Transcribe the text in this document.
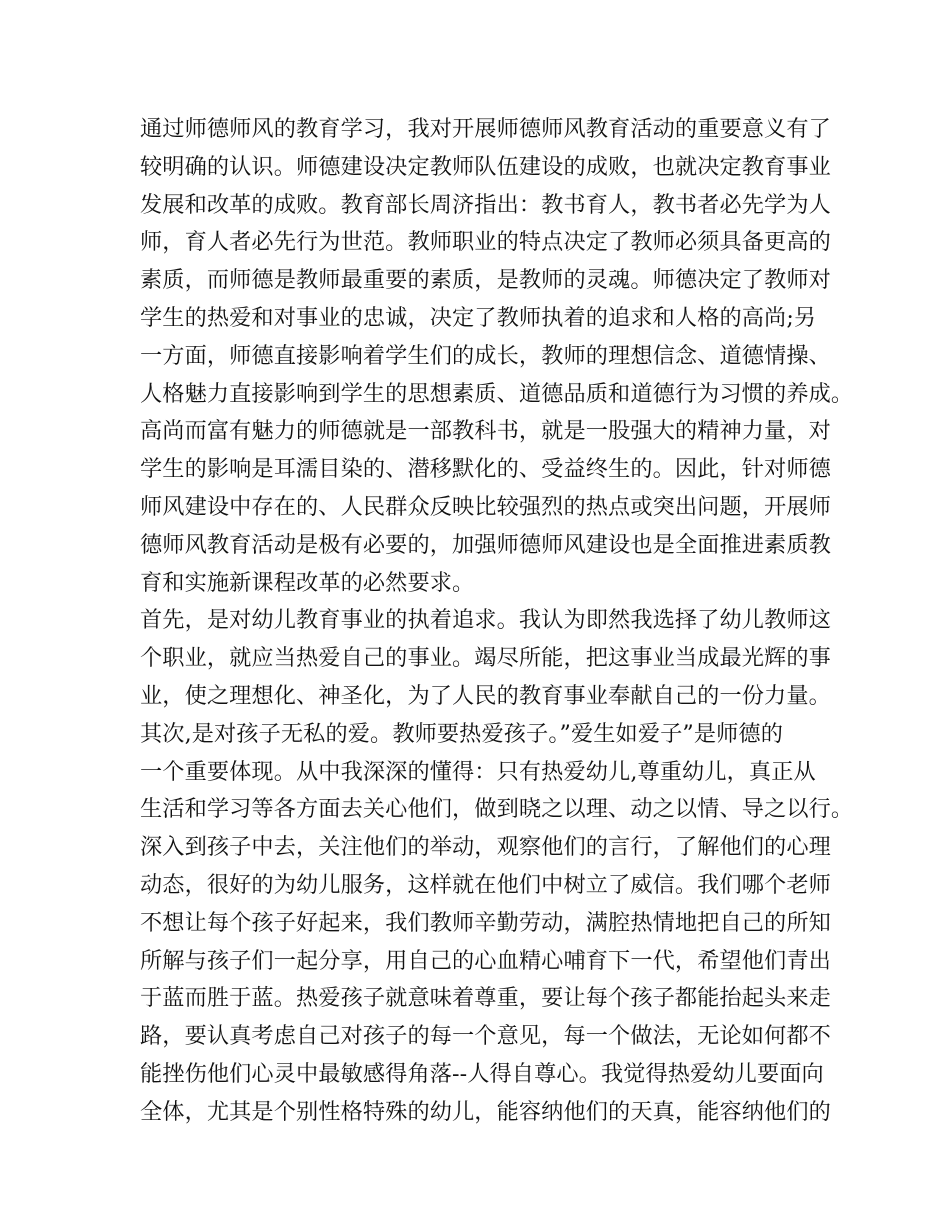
通过师德师风的教育学习，我对开展师德师风教育活动的重要意义有了
较明确的认识。师德建设决定教师队伍建设的成败，也就决定教育事业
发展和改革的成败。教育部长周济指出：教书育人，教书者必先学为人
师，育人者必先行为世范。教师职业的特点决定了教师必须具备更高的
素质，而师德是教师最重要的素质，是教师的灵魂。师德决定了教师对
学生的热爱和对事业的忠诚，决定了教师执着的追求和人格的高尚;另
一方面，师德直接影响着学生们的成长，教师的理想信念、道德情操、
人格魅力直接影响到学生的思想素质、道德品质和道德行为习惯的养成。
高尚而富有魅力的师德就是一部教科书，就是一股强大的精神力量，对
学生的影响是耳濡目染的、潜移默化的、受益终生的。因此，针对师德
师风建设中存在的、人民群众反映比较强烈的热点或突出问题，开展师
德师风教育活动是极有必要的，加强师德师风建设也是全面推进素质教
育和实施新课程改革的必然要求。
首先，是对幼儿教育事业的执着追求。我认为即然我选择了幼儿教师这
个职业，就应当热爱自己的事业。竭尽所能，把这事业当成最光辉的事
业，使之理想化、神圣化，为了人民的教育事业奉献自己的一份力量。
其次,是对孩子无私的爱。教师要热爱孩子。”爱生如爱子”是师德的
一个重要体现。从中我深深的懂得：只有热爱幼儿,尊重幼儿，真正从
生活和学习等各方面去关心他们，做到晓之以理、动之以情、导之以行。
深入到孩子中去，关注他们的举动，观察他们的言行，了解他们的心理
动态，很好的为幼儿服务，这样就在他们中树立了威信。我们哪个老师
不想让每个孩子好起来，我们教师辛勤劳动，满腔热情地把自己的所知
所解与孩子们一起分享，用自己的心血精心哺育下一代，希望他们青出
于蓝而胜于蓝。热爱孩子就意味着尊重，要让每个孩子都能抬起头来走
路，要认真考虑自己对孩子的每一个意见，每一个做法，无论如何都不
能挫伤他们心灵中最敏感得角落--人得自尊心。我觉得热爱幼儿要面向
全体，尤其是个别性格特殊的幼儿，能容纳他们的天真，能容纳他们的
